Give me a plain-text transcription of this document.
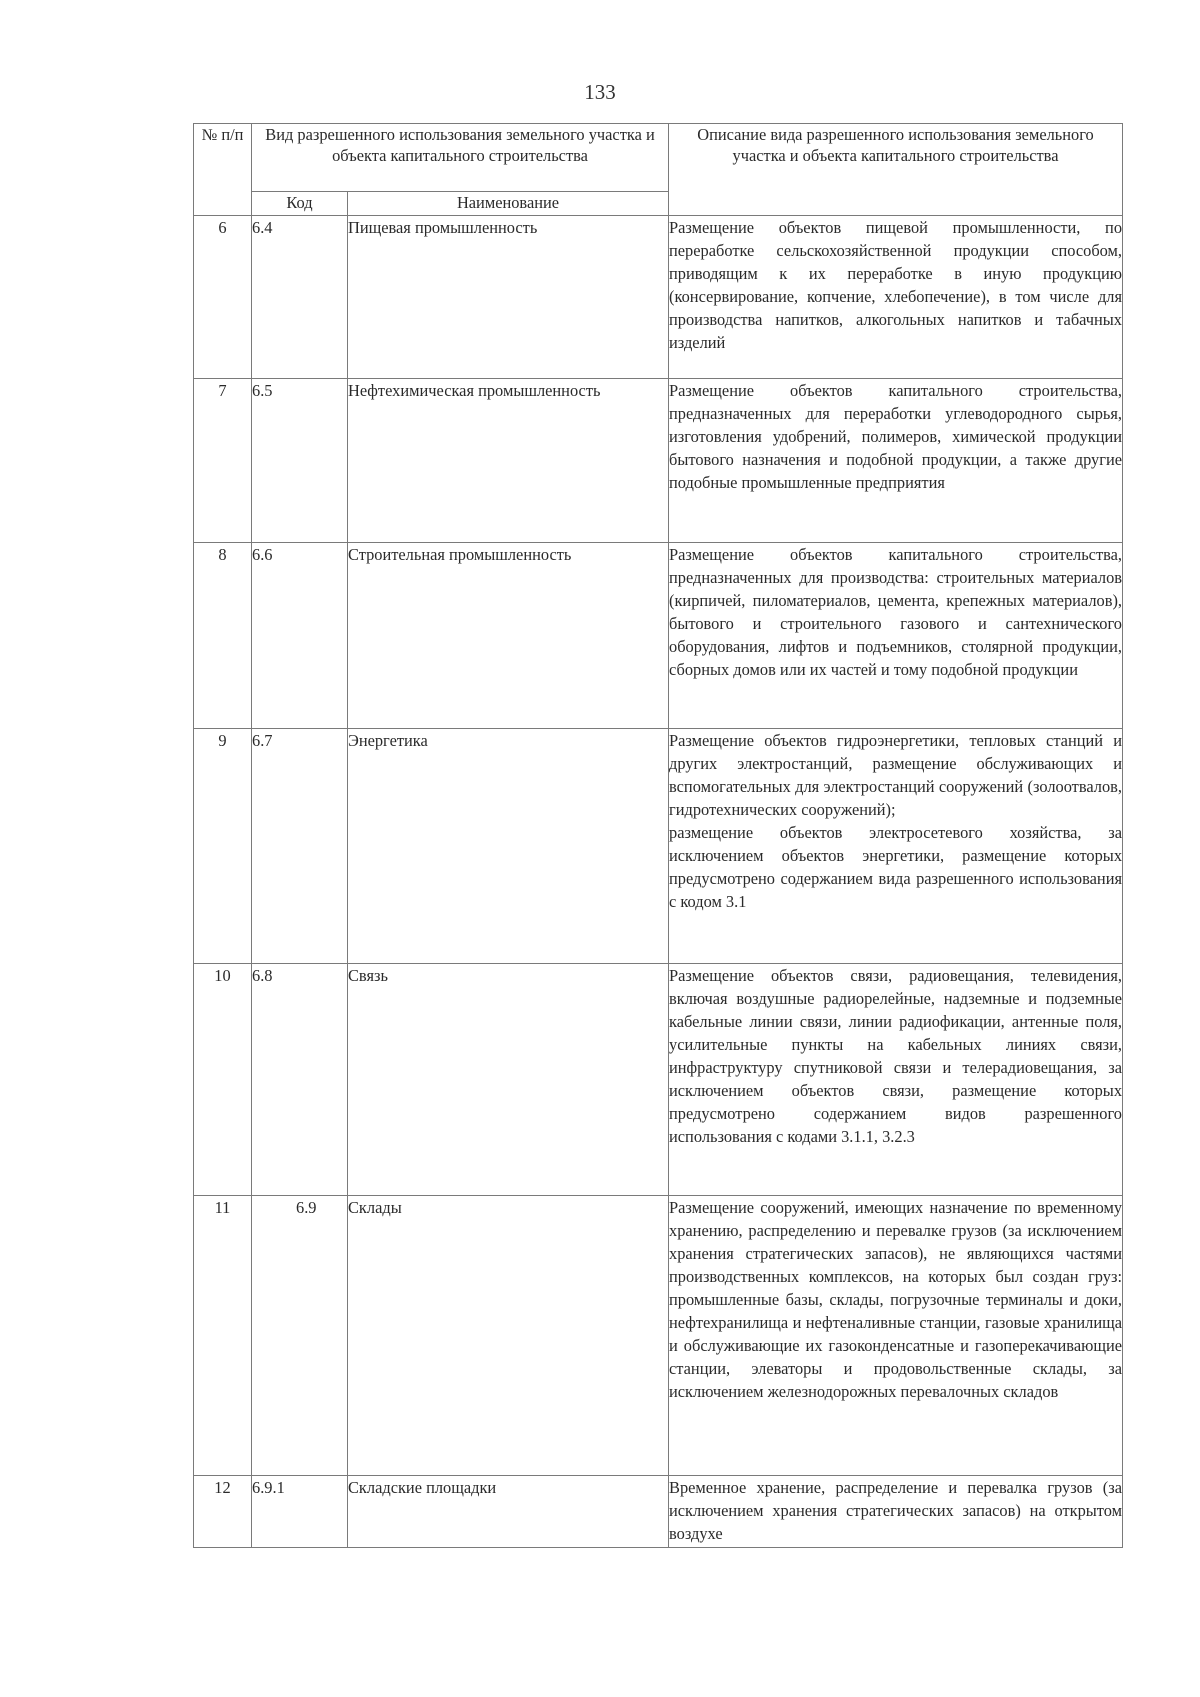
133
№ п/п	Вид разрешенного использования земельного участка и объекта капитального строительства		Описание вида разрешенного использования земельного участка и объекта капитального строительства
	Код	Наименование	
6	6.4	Пищевая промышленность	Размещение объектов пищевой промышленности, по переработке сельскохозяйственной продукции способом, приводящим к их переработке в иную продукцию (консервирование, копчение, хлебопечение), в том числе для производства напитков, алкогольных напитков и табачных изделий
7	6.5	Нефтехимическая промышленность	Размещение объектов капитального строительства, предназначенных для переработки углеводородного сырья, изготовления удобрений, полимеров, химической продукции бытового назначения и подобной продукции, а также другие подобные промышленные предприятия
8	6.6	Строительная промышленность	Размещение объектов капитального строительства, предназначенных для производства: строительных материалов (кирпичей, пиломатериалов, цемента, крепежных материалов), бытового и строительного газового и сантехнического оборудования, лифтов и подъемников, столярной продукции, сборных домов или их частей и тому подобной продукции
9	6.7	Энергетика	Размещение объектов гидроэнергетики, тепловых станций и других электростанций, размещение обслуживающих и вспомогательных для электростанций сооружений (золоотвалов, гидротехнических сооружений);
размещение объектов электросетевого хозяйства, за исключением объектов энергетики, размещение которых предусмотрено содержанием вида разрешенного использования с кодом 3.1

10	6.8	Связь	Размещение объектов связи, радиовещания, телевидения, включая воздушные радиорелейные, надземные и подземные кабельные линии связи, линии радиофикации, антенные поля, усилительные пункты на кабельных линиях связи, инфраструктуру спутниковой связи и телерадиовещания, за исключением объектов связи, размещение которых предусмотрено содержанием видов разрешенного использования с кодами 3.1.1, 3.2.3
11	6.9	Склады	Размещение сооружений, имеющих назначение по временному хранению, распределению и перевалке грузов (за исключением хранения стратегических запасов), не являющихся частями производственных комплексов, на которых был создан груз: промышленные базы, склады, погрузочные терминалы и доки, нефтехранилища и нефтеналивные станции, газовые хранилища и обслуживающие их газоконденсатные и газоперекачивающие станции, элеваторы и продовольственные склады, за исключением железнодорожных перевалочных складов
12	6.9.1	Складские площадки	Временное хранение, распределение и перевалка грузов (за исключением хранения стратегических запасов) на открытом воздухе
